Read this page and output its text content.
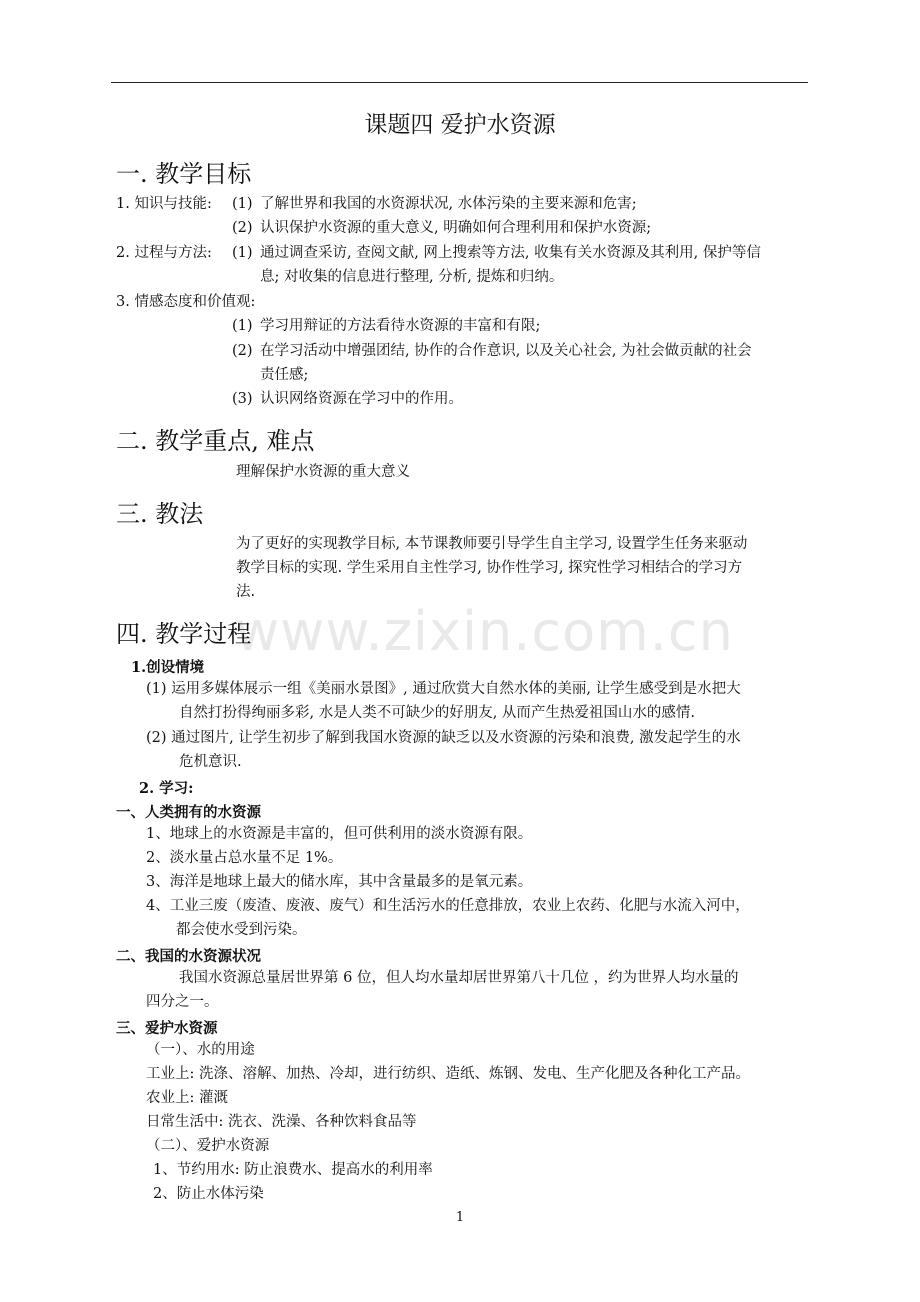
www.zixin.com.cn
课题四 爱护水资源
一. 教学目标
1. 知识与技能: (1) 了解世界和我国的水资源状况, 水体污染的主要来源和危害;
(2) 认识保护水资源的重大意义, 明确如何合理利用和保护水资源;
2. 过程与方法: (1) 通过调查采访, 查阅文献, 网上搜索等方法, 收集有关水资源及其利用, 保护等信
息; 对收集的信息进行整理, 分析, 提炼和归纳。
3. 情感态度和价值观:
(1) 学习用辩证的方法看待水资源的丰富和有限;
(2) 在学习活动中增强团结, 协作的合作意识, 以及关心社会, 为社会做贡献的社会
责任感;
(3) 认识网络资源在学习中的作用。
二. 教学重点, 难点
理解保护水资源的重大意义
三. 教法
为了更好的实现教学目标, 本节课教师要引导学生自主学习, 设置学生任务来驱动
教学目标的实现. 学生采用自主性学习, 协作性学习, 探究性学习相结合的学习方
法.
四. 教学过程
1.创设情境
(1) 运用多媒体展示一组《美丽水景图》, 通过欣赏大自然水体的美丽, 让学生感受到是水把大
自然打扮得绚丽多彩, 水是人类不可缺少的好朋友, 从而产生热爱祖国山水的感情.
(2) 通过图片, 让学生初步了解到我国水资源的缺乏以及水资源的污染和浪费, 激发起学生的水
危机意识.
2. 学习:
一、人类拥有的水资源
1、地球上的水资源是丰富的，但可供利用的淡水资源有限。
2、淡水量占总水量不足 1%。
3、海洋是地球上最大的储水库，其中含量最多的是氧元素。
4、工业三废（废渣、废液、废气）和生活污水的任意排放，农业上农药、化肥与水流入河中，
都会使水受到污染。
二、我国的水资源状况
我国水资源总量居世界第 6 位，但人均水量却居世界第八十几位 ，约为世界人均水量的
四分之一。
三、爱护水资源
（一）、水的用途
工业上: 洗涤、溶解、加热、冷却，进行纺织、造纸、炼钢、发电、生产化肥及各种化工产品。
农业上: 灌溉
日常生活中: 洗衣、洗澡、各种饮料食品等
（二）、爱护水资源
1、节约用水: 防止浪费水、提高水的利用率
2、防止水体污染
1
